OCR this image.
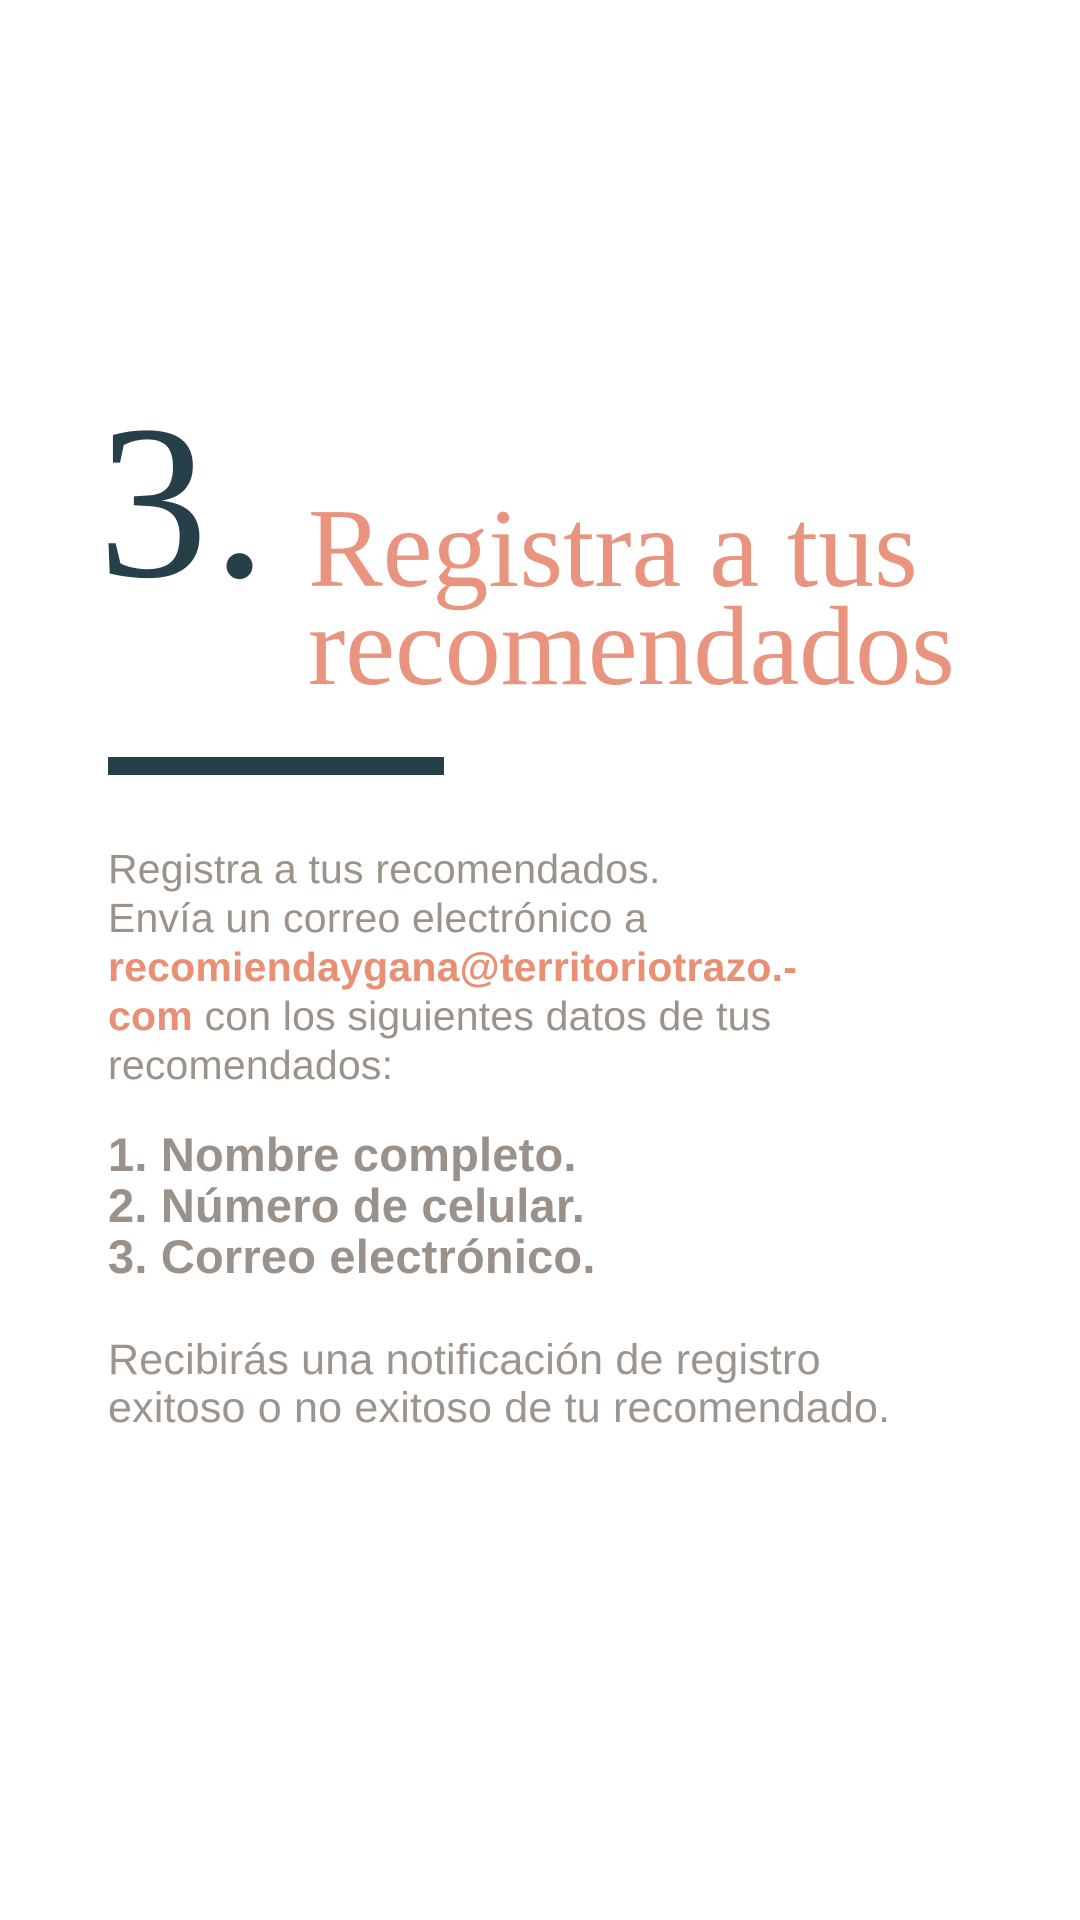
3. Registra a tus
recomendados
Registra a tus recomendados.
Envía un correo electrónico a
recomiendaygana@territoriotrazo.-
com con los siguientes datos de tus
recomendados:
1. Nombre completo.
2. Número de celular.
3. Correo electrónico.
Recibirás una notificación de registro
exitoso o no exitoso de tu recomendado.
